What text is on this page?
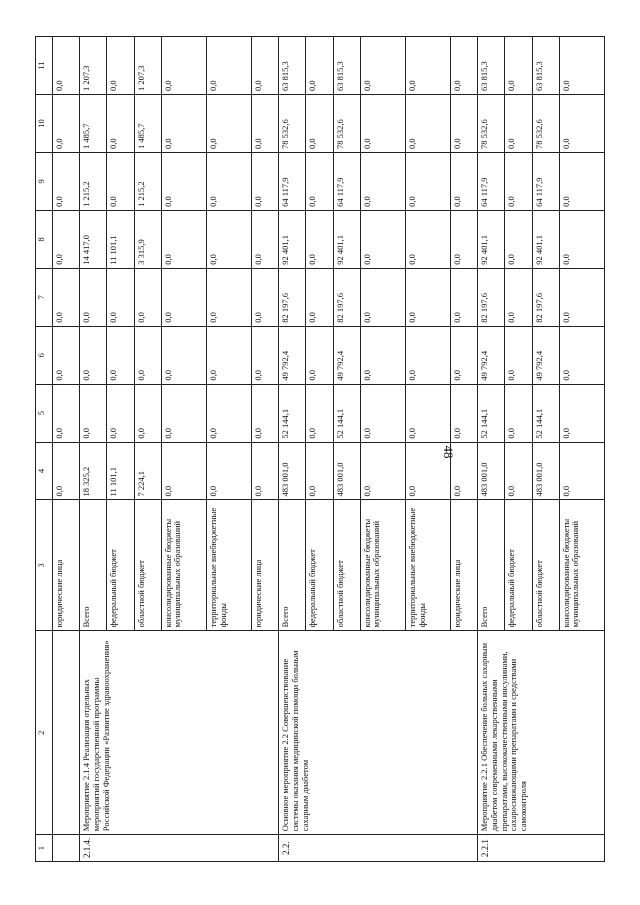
48
1	2	3	4	5	6	7	8	9	10	11
		юридические лица	0,0	0,0	0,0	0,0	0,0	0,0	0,0	0,0
2.1.4.	Мероприятие 2.1.4 Реализация отдельных мероприятий государственной программы Российской Федерации «Развитие здравоохранения»	Всего	18 325,2	0,0	0,0	0,0	14 417,0	1 215,2	1 485,7	1 207,3
		федеральный бюджет	11 101,1	0,0	0,0	0,0	11 101,1	0,0	0,0	0,0
		областной бюджет	7 224,1	0,0	0,0	0,0	3 315,9	1 215,2	1 485,7	1 207,3
		консолидированные бюджеты муниципальных образований	0,0	0,0	0,0	0,0	0,0	0,0	0,0	0,0
		территориальные внебюджетные фонды	0,0	0,0	0,0	0,0	0,0	0,0	0,0	0,0
		юридические лица	0,0	0,0	0,0	0,0	0,0	0,0	0,0	0,0
2.2.	Основное мероприятие 2.2 Совершенствование системы оказания медицинской помощи больным сахарным диабетом	Всего	483 001,0	52 144,1	49 792,4	82 197,6	92 401,1	64 117,9	78 532,6	63 815,3
		федеральный бюджет	0,0	0,0	0,0	0,0	0,0	0,0	0,0	0,0
		областной бюджет	483 001,0	52 144,1	49 792,4	82 197,6	92 401,1	64 117,9	78 532,6	63 815,3
		консолидированные бюджеты муниципальных образований	0,0	0,0	0,0	0,0	0,0	0,0	0,0	0,0
		территориальные внебюджетные фонды	0,0	0,0	0,0	0,0	0,0	0,0	0,0	0,0
		юридические лица	0,0	0,0	0,0	0,0	0,0	0,0	0,0	0,0
2.2.1	Мероприятие 2.2.1 Обеспечение больных сахарным диабетом современными лекарственными препаратами, высококачественными инсулинами, сахароснижающими препаратами и средствами самоконтроля	Всего	483 001,0	52 144,1	49 792,4	82 197,6	92 401,1	64 117,9	78 532,6	63 815,3
		федеральный бюджет	0,0	0,0	0,0	0,0	0,0	0,0	0,0	0,0
		областной бюджет	483 001,0	52 144,1	49 792,4	82 197,6	92 401,1	64 117,9	78 532,6	63 815,3
		консолидированные бюджеты муниципальных образований	0,0	0,0	0,0	0,0	0,0	0,0	0,0	0,0
